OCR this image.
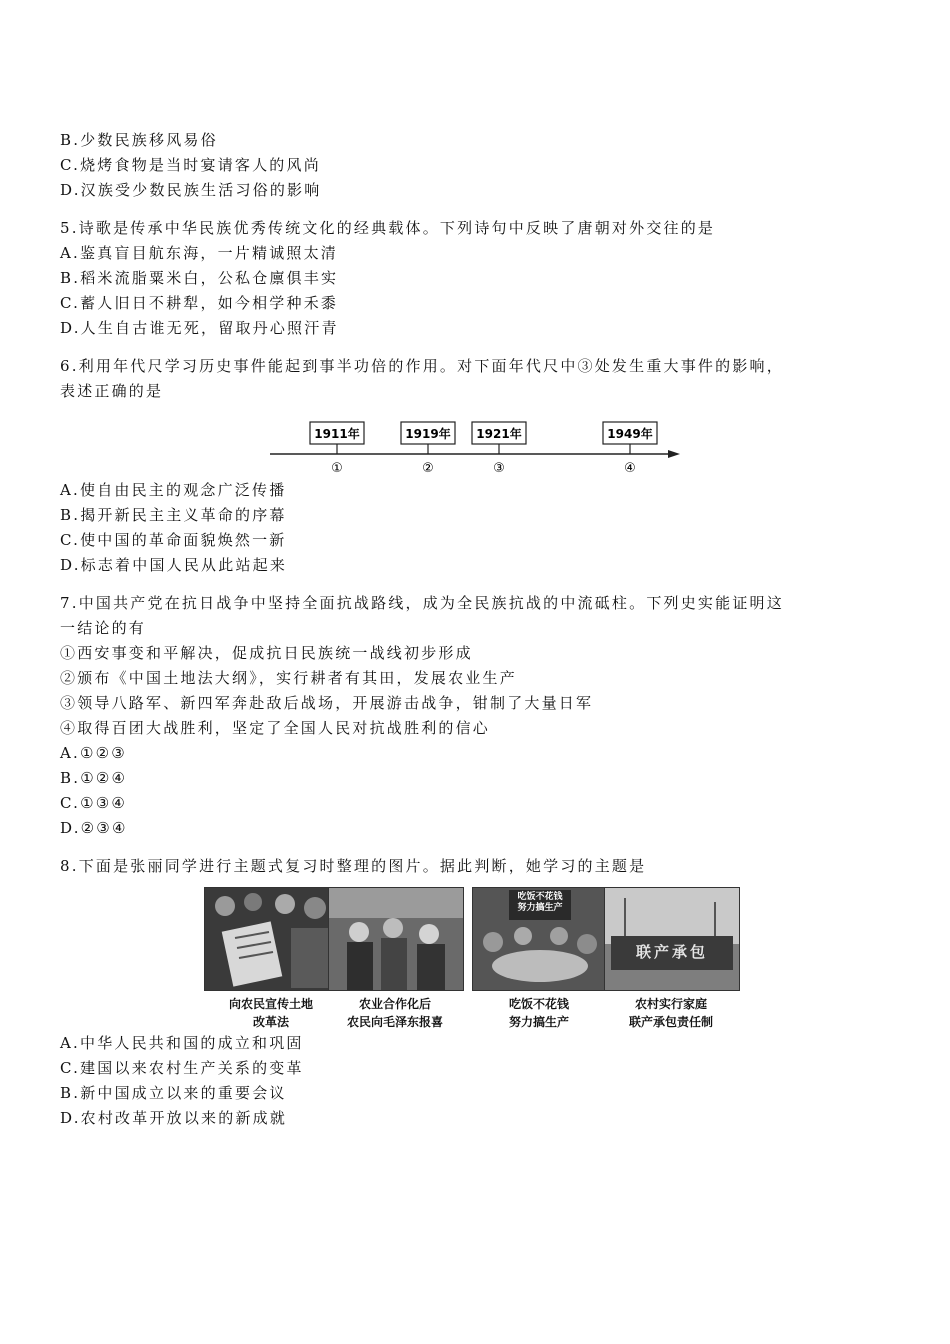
B.少数民族移风易俗
C.烧烤食物是当时宴请客人的风尚
D.汉族受少数民族生活习俗的影响
5.诗歌是传承中华民族优秀传统文化的经典载体。下列诗句中反映了唐朝对外交往的是
A.鉴真盲目航东海，一片精诚照太清
B.稻米流脂粟米白，公私仓廪俱丰实
C.蓄人旧日不耕犁，如今相学种禾黍
D.人生自古谁无死，留取丹心照汗青
6.利用年代尺学习历史事件能起到事半功倍的作用。对下面年代尺中③处发生重大事件的影响，
表述正确的是
1911年
①
1919年
②
1921年
③
1949年
④
A.使自由民主的观念广泛传播
B.揭开新民主主义革命的序幕
C.使中国的革命面貌焕然一新
D.标志着中国人民从此站起来
7.中国共产党在抗日战争中坚持全面抗战路线，成为全民族抗战的中流砥柱。下列史实能证明这
一结论的有
①西安事变和平解决，促成抗日民族统一战线初步形成
②颁布《中国土地法大纲》，实行耕者有其田，发展农业生产
③领导八路军、新四军奔赴敌后战场，开展游击战争，钳制了大量日军
④取得百团大战胜利，坚定了全国人民对抗战胜利的信心
A.①②③
B.①②④
C.①③④
D.②③④
8.下面是张丽同学进行主题式复习时整理的图片。据此判断，她学习的主题是
向农民宣传土地
改革法
农业合作化后
农民向毛泽东报喜
吃饭不花钱
努力搞生产
吃饭不花钱
努力搞生产
联产承包
农村实行家庭
联产承包责任制
A.中华人民共和国的成立和巩固
C.建国以来农村生产关系的变革
B.新中国成立以来的重要会议
D.农村改革开放以来的新成就
